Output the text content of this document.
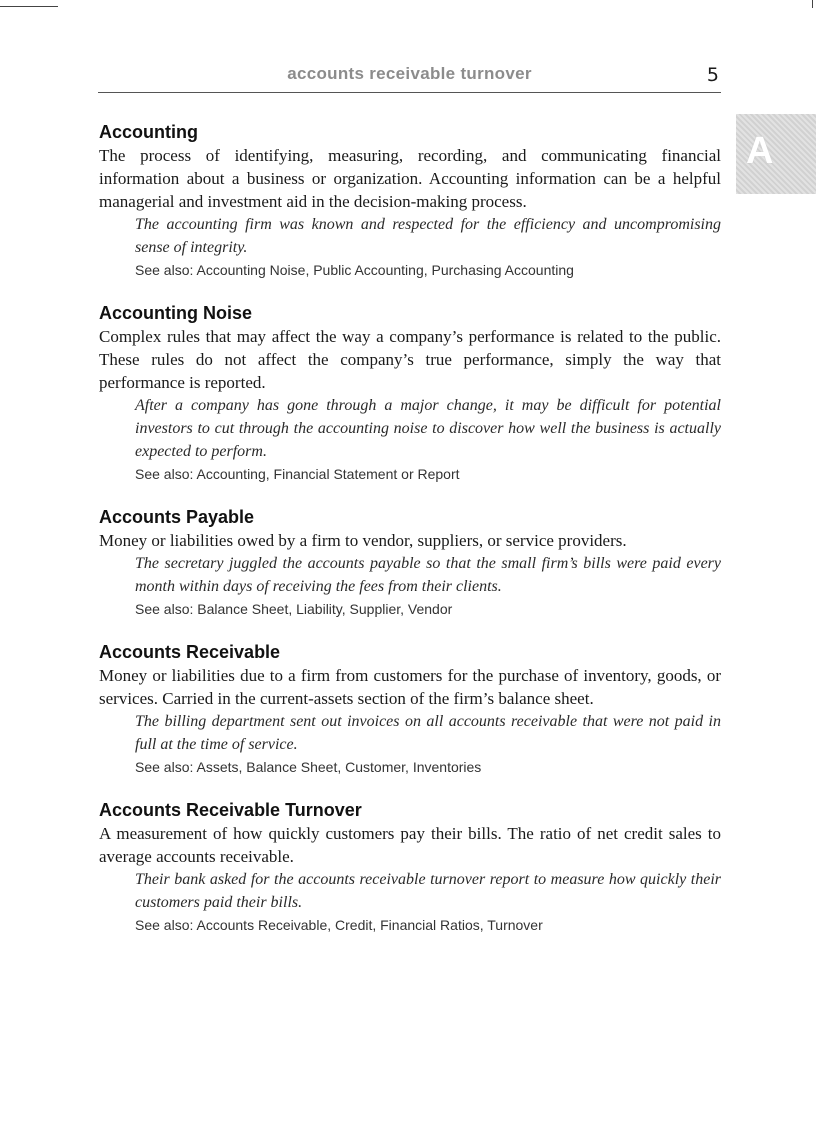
accounts receivable turnover	5
A
Accounting

The process of identifying, measuring, recording, and communicating financial information about a business or organization. Accounting information can be a helpful managerial and investment aid in the decision-making process.

The accounting firm was known and respected for the efficiency and uncompromising sense of integrity.

See also: Accounting Noise, Public Accounting, Purchasing Accounting

Accounting Noise

Complex rules that may affect the way a company’s performance is related to the public. These rules do not affect the company’s true performance, simply the way that performance is reported.

After a company has gone through a major change, it may be difficult for potential investors to cut through the accounting noise to discover how well the business is actually expected to perform.

See also: Accounting, Financial Statement or Report

Accounts Payable

Money or liabilities owed by a firm to vendor, suppliers, or service providers.

The secretary juggled the accounts payable so that the small firm’s bills were paid every month within days of receiving the fees from their clients.

See also: Balance Sheet, Liability, Supplier, Vendor

Accounts Receivable

Money or liabilities due to a firm from customers for the purchase of inventory, goods, or services. Carried in the current-assets section of the firm’s balance sheet.

The billing department sent out invoices on all accounts receivable that were not paid in full at the time of service.

See also: Assets, Balance Sheet, Customer, Inventories

Accounts Receivable Turnover

A measurement of how quickly customers pay their bills. The ratio of net credit sales to average accounts receivable.

Their bank asked for the accounts receivable turnover report to measure how quickly their customers paid their bills.

See also: Accounts Receivable, Credit, Financial Ratios, Turnover
